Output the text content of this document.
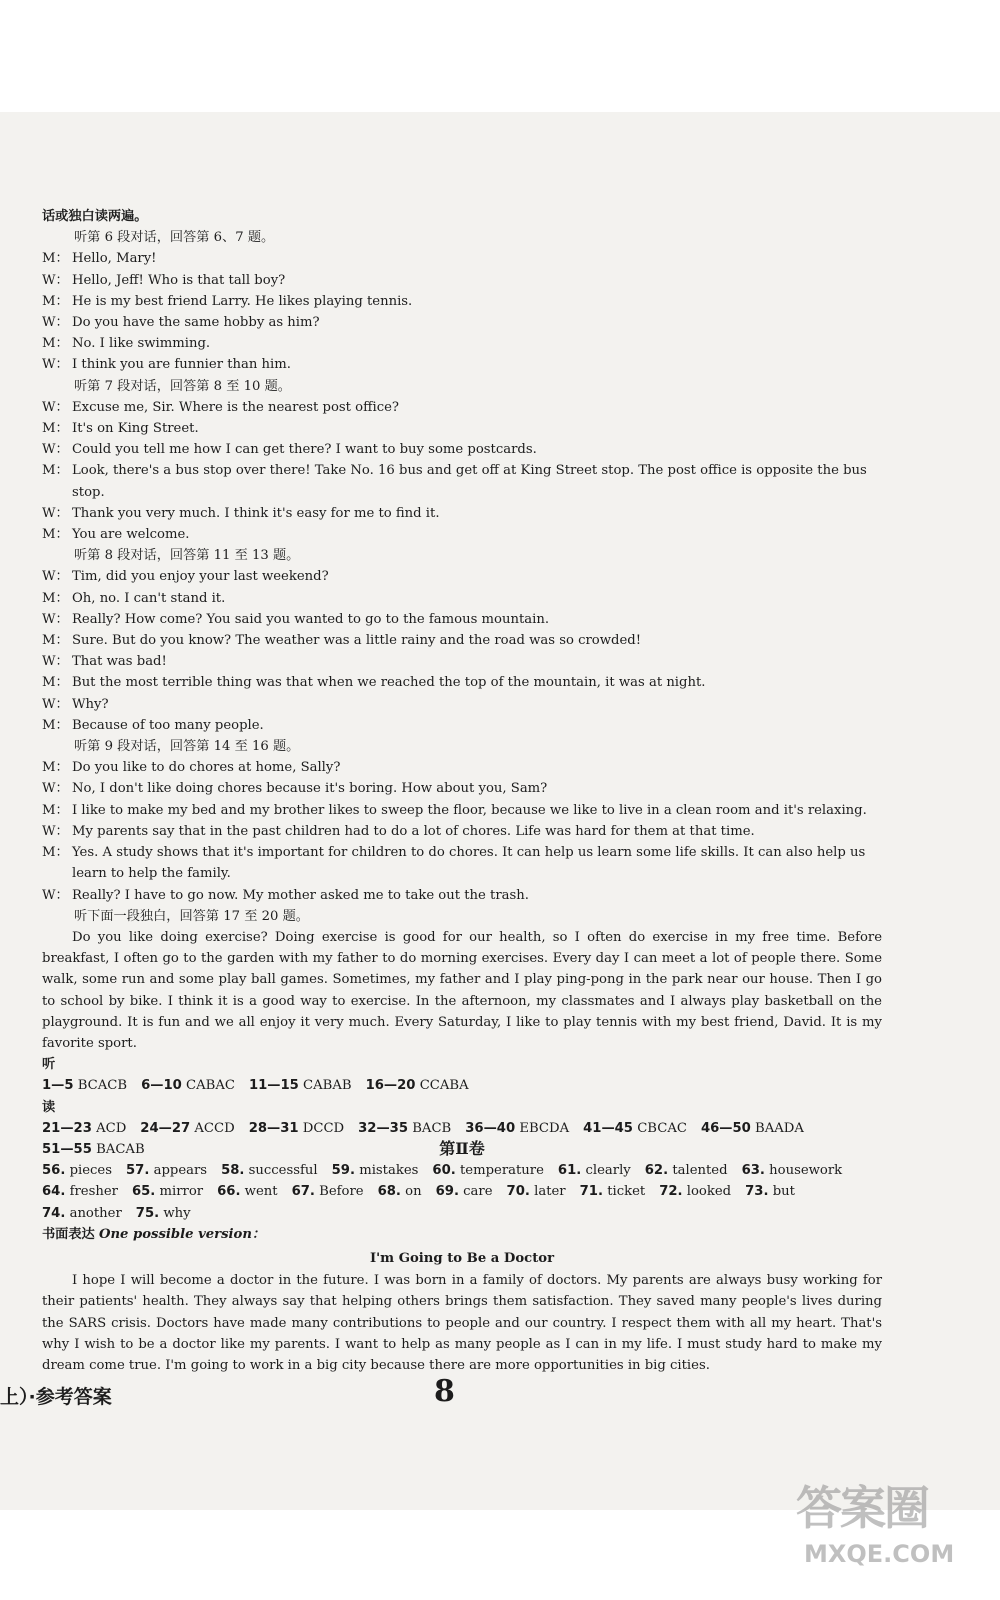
话或独白读两遍。
听第 6 段对话，回答第 6、7 题。
M： Hello, Mary!
W： Hello, Jeff! Who is that tall boy?
M： He is my best friend Larry. He likes playing tennis.
W： Do you have the same hobby as him?
M： No. I like swimming.
W： I think you are funnier than him.
听第 7 段对话，回答第 8 至 10 题。
W： Excuse me, Sir. Where is the nearest post office?
M： It's on King Street.
W： Could you tell me how I can get there? I want to buy some postcards.
M： Look, there's a bus stop over there! Take No. 16 bus and get off at King Street stop. The post office is opposite the bus stop.
W： Thank you very much. I think it's easy for me to find it.
M： You are welcome.
听第 8 段对话，回答第 11 至 13 题。
W： Tim, did you enjoy your last weekend?
M： Oh, no. I can't stand it.
W： Really? How come? You said you wanted to go to the famous mountain.
M： Sure. But do you know? The weather was a little rainy and the road was so crowded!
W： That was bad!
M： But the most terrible thing was that when we reached the top of the mountain, it was at night.
W： Why?
M： Because of too many people.
听第 9 段对话，回答第 14 至 16 题。
M： Do you like to do chores at home, Sally?
W： No, I don't like doing chores because it's boring. How about you, Sam?
M： I like to make my bed and my brother likes to sweep the floor, because we like to live in a clean room and it's relaxing.
W： My parents say that in the past children had to do a lot of chores. Life was hard for them at that time.
M： Yes. A study shows that it's important for children to do chores. It can help us learn some life skills. It can also help us learn to help the family.
W： Really? I have to go now. My mother asked me to take out the trash.
听下面一段独白，回答第 17 至 20 题。
Do you like doing exercise? Doing exercise is good for our health, so I often do exercise in my free time. Before breakfast, I often go to the garden with my father to do morning exercises. Every day I can meet a lot of people there. Some walk, some run and some play ball games. Sometimes, my father and I play ping-pong in the park near our house. Then I go to school by bike. I think it is a good way to exercise. In the afternoon, my classmates and I always play basketball on the playground. It is fun and we all enjoy it very much. Every Saturday, I like to play tennis with my best friend, David. It is my favorite sport.
听
1—5 BCACB 6—10 CABAC 11—15 CABAB 16—20 CCABA
读
21—23 ACD 24—27 ACCD 28—31 DCCD 32—35 BACB 36—40 EBCDA 41—45 CBCAC 46—50 BAADA
51—55 BACAB	第Ⅱ卷
56. pieces 57. appears 58. successful 59. mistakes 60. temperature 61. clearly 62. talented 63. housework
64. fresher 65. mirror 66. went 67. Before 68. on 69. care 70. later 71. ticket 72. looked 73. but
74. another 75. why
书面表达 One possible version：
I'm Going to Be a Doctor
I hope I will become a doctor in the future. I was born in a family of doctors. My parents are always busy working for their patients' health. They always say that helping others brings them satisfaction. They saved many people's lives during the SARS crisis. Doctors have made many contributions to people and our country. I respect them with all my heart. That's why I wish to be a doctor like my parents. I want to help as many people as I can in my life. I must study hard to make my dream come true. I'm going to work in a big city because there are more opportunities in big cities.
上）·参考答案	8
答案圈
MXQE.COM
